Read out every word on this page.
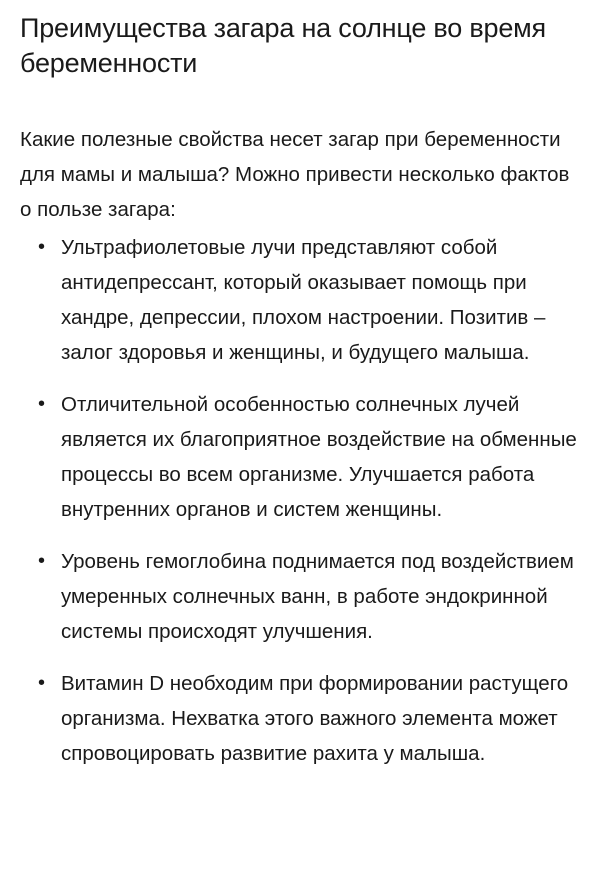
Преимущества загара на солнце во время беременности

Какие полезные свойства несет загар при беременности для мамы и малыша? Можно привести несколько фактов о пользе загара:

• Ультрафиолетовые лучи представляют собой антидепрессант, который оказывает помощь при хандре, депрессии, плохом настроении. Позитив – залог здоровья и женщины, и будущего малыша.
• Отличительной особенностью солнечных лучей является их благоприятное воздействие на обменные процессы во всем организме. Улучшается работа внутренних органов и систем женщины.
• Уровень гемоглобина поднимается под воздействием умеренных солнечных ванн, в работе эндокринной системы происходят улучшения.
• Витамин D необходим при формировании растущего организма. Нехватка этого важного элемента может спровоцировать развитие рахита у малыша.
